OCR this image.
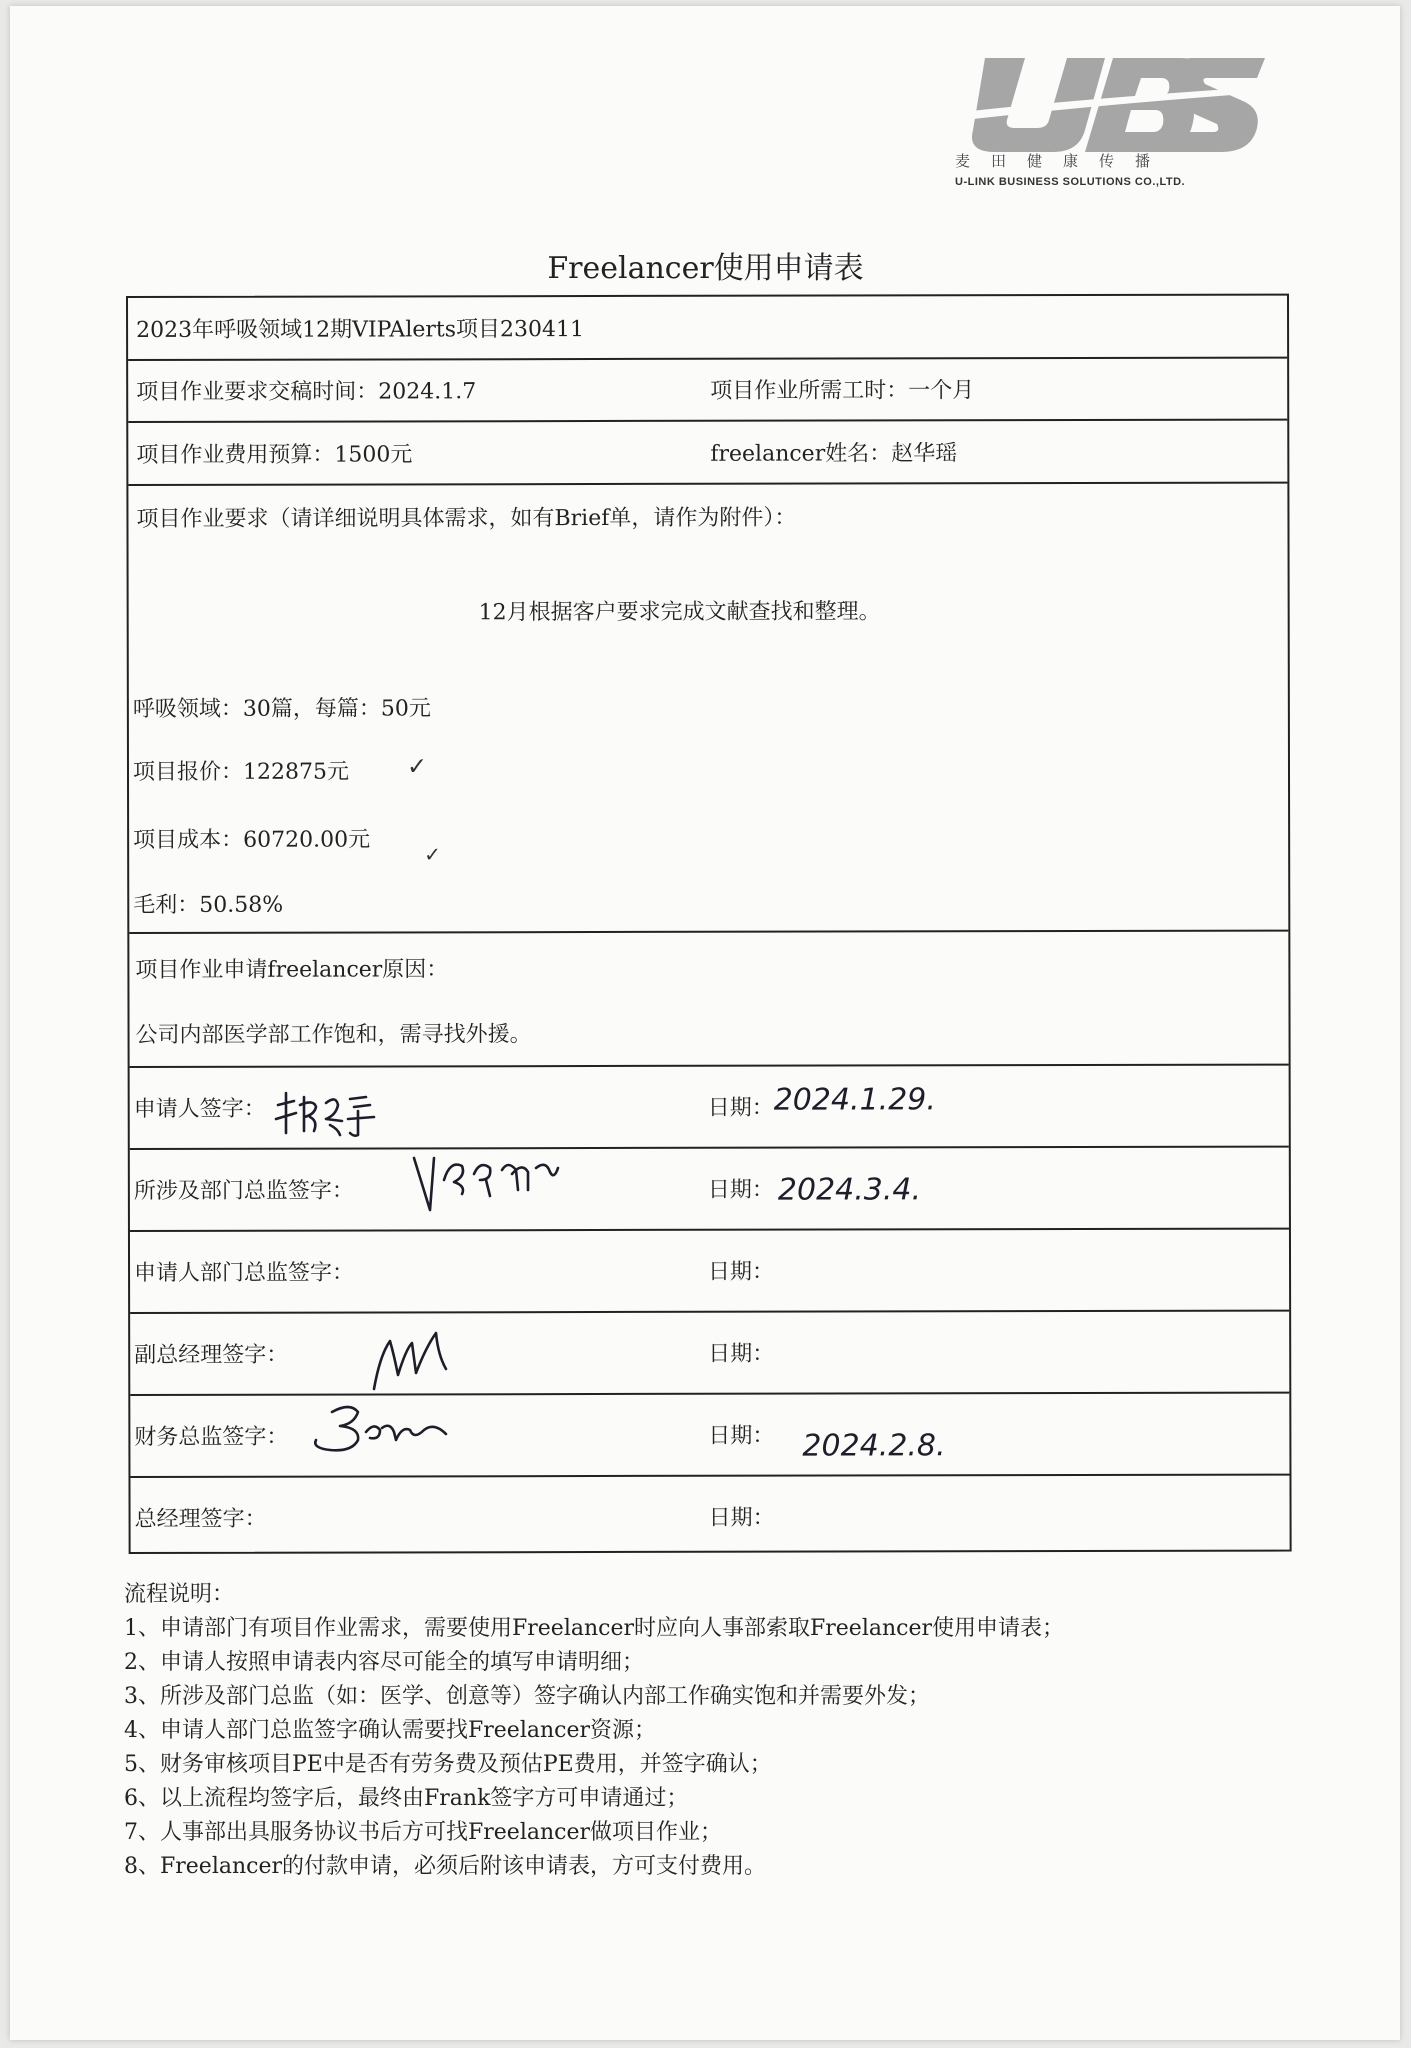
麦田健康传播
U-LINK BUSINESS SOLUTIONS CO.,LTD.
Freelancer使用申请表
2023年呼吸领域12期VIPAlerts项目230411
项目作业要求交稿时间：2024.1.7	项目作业所需工时：一个月
项目作业费用预算：1500元	freelancer姓名：赵华瑶
项目作业要求（请详细说明具体需求，如有Brief单，请作为附件）：
12月根据客户要求完成文献查找和整理。
呼吸领域：30篇，每篇：50元
项目报价：122875元 ✓
项目成本：60720.00元
✓
毛利：50.58%
项目作业申请freelancer原因：
公司内部医学部工作饱和，需寻找外援。
申请人签字：	日期： 2024.1.29.
所涉及部门总监签字：	日期： 2024.3.4.
申请人部门总监签字：	日期：
副总经理签字：	日期：
财务总监签字：	日期： 2024.2.8.
总经理签字：	日期：
流程说明：
1、申请部门有项目作业需求，需要使用Freelancer时应向人事部索取Freelancer使用申请表；
2、申请人按照申请表内容尽可能全的填写申请明细；
3、所涉及部门总监（如：医学、创意等）签字确认内部工作确实饱和并需要外发；
4、申请人部门总监签字确认需要找Freelancer资源；
5、财务审核项目PE中是否有劳务费及预估PE费用，并签字确认；
6、以上流程均签字后，最终由Frank签字方可申请通过；
7、人事部出具服务协议书后方可找Freelancer做项目作业；
8、Freelancer的付款申请，必须后附该申请表，方可支付费用。
